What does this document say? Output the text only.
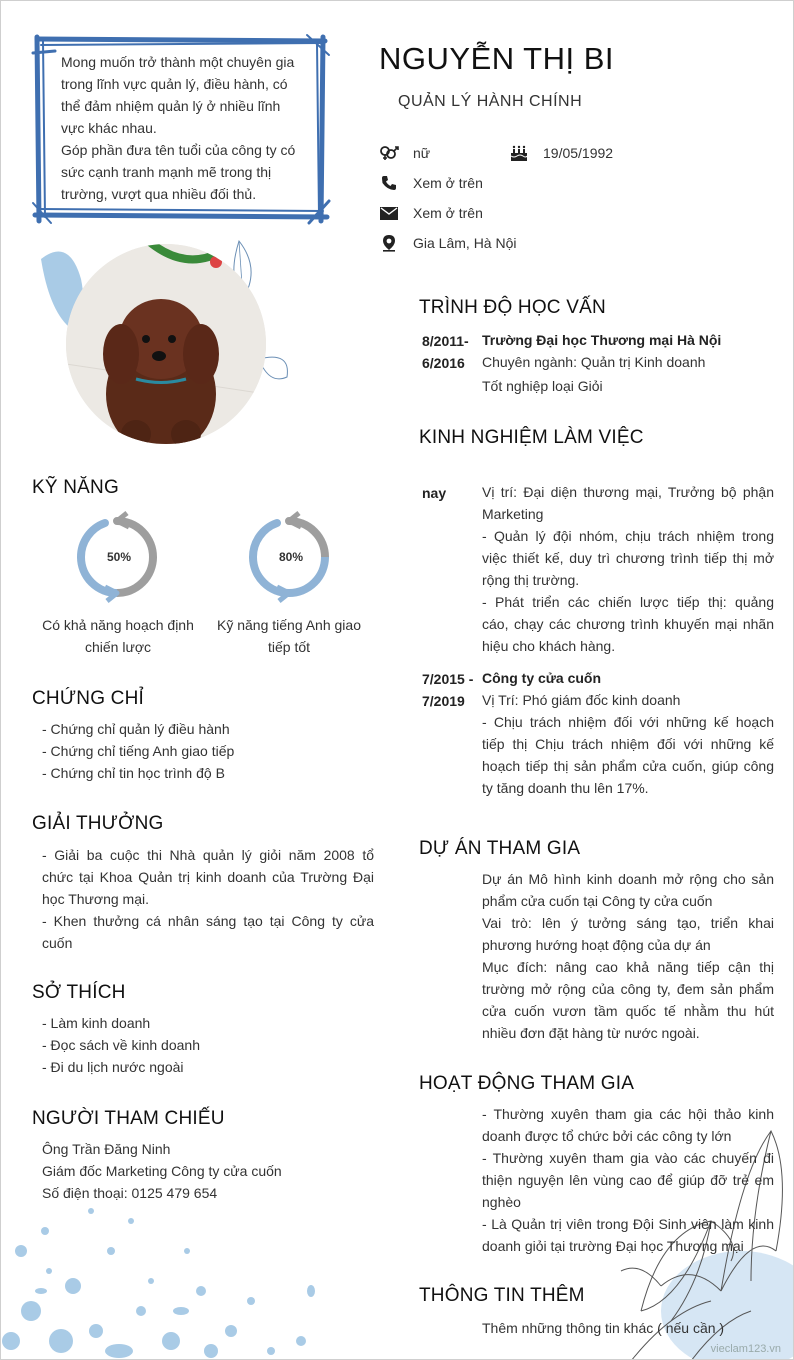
Mong muốn trở thành một chuyên gia
trong lĩnh vực quản lý, điều hành, có
thể đảm nhiệm quản lý ở nhiều lĩnh
vực khác nhau.
Góp phần đưa tên tuổi của công ty có
sức cạnh tranh mạnh mẽ trong thị
trường, vượt qua nhiều đối thủ.
NGUYỄN THỊ BI
QUẢN LÝ HÀNH CHÍNH
nữ	19/05/1992
Xem ở trên
Xem ở trên
Gia Lâm, Hà Nội
KỸ NĂNG
50%	80%
Có khả năng hoạch định
chiến lược
Kỹ năng tiếng Anh giao
tiếp tốt
CHỨNG CHỈ
- Chứng chỉ quản lý điều hành
- Chứng chỉ tiếng Anh giao tiếp
- Chứng chỉ tin học trình độ B
GIẢI THƯỞNG
- Giải ba cuộc thi Nhà quản lý giỏi năm 2008 tổ
chức tại Khoa Quản trị kinh doanh của Trường Đại
học Thương mại.
- Khen thưởng cá nhân sáng tạo tại Công ty cửa
cuốn
SỞ THÍCH
- Làm kinh doanh
- Đọc sách về kinh doanh
- Đi du lịch nước ngoài
NGƯỜI THAM CHIẾU
Ông Trần Đăng Ninh
Giám đốc Marketing Công ty cửa cuốn
Số điện thoại: 0125 479 654
TRÌNH ĐỘ HỌC VẤN
8/2011-
6/2016
Trường Đại học Thương mại Hà Nội
Chuyên ngành: Quản trị Kinh doanh
Tốt nghiệp loại Giỏi
KINH NGHIỆM LÀM VIỆC
nay	Vị trí: Đại diện thương mại, Trưởng bộ phận
Marketing
- Quản lý đội nhóm, chịu trách nhiệm trong
việc thiết kế, duy trì chương trình tiếp thị mở
rộng thị trường.
- Phát triển các chiến lược tiếp thị: quảng
cáo, chạy các chương trình khuyến mại nhãn
hiệu cho khách hàng.
7/2015 -
7/2019
Công ty cửa cuốn
Vị Trí: Phó giám đốc kinh doanh
- Chịu trách nhiệm đối với những kế hoạch
tiếp thị Chịu trách nhiệm đối với những kế
hoạch tiếp thị sản phẩm cửa cuốn, giúp công
ty tăng doanh thu lên 17%.
DỰ ÁN THAM GIA
Dự án Mô hình kinh doanh mở rộng cho sản
phẩm cửa cuốn tại Công ty cửa cuốn
Vai trò: lên ý tưởng sáng tạo, triển khai
phương hướng hoạt động của dự án
Mục đích: nâng cao khả năng tiếp cận thị
trường mở rộng của công ty, đem sản phẩm
cửa cuốn vươn tầm quốc tế nhằm thu hút
nhiều đơn đặt hàng từ nước ngoài.
HOẠT ĐỘNG THAM GIA
- Thường xuyên tham gia các hội thảo kinh
doanh được tổ chức bởi các công ty lớn
- Thường xuyên tham gia vào các chuyến đi
thiện nguyện lên vùng cao để giúp đỡ trẻ em
nghèo
- Là Quản trị viên trong Đội Sinh viên làm kinh
doanh giỏi tại trường Đại học Thương mại
THÔNG TIN THÊM
Thêm những thông tin khác ( nếu cần )
vieclam123.vn
